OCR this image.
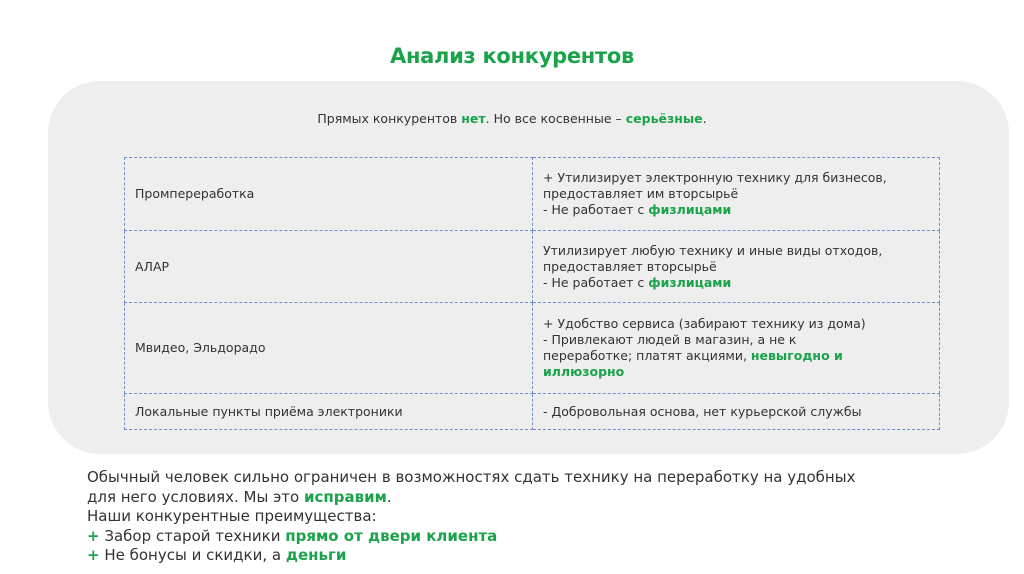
Анализ конкурентов
Прямых конкурентов нет. Но все косвенные – серьёзные.
Промпереработка	+ Утилизирует электронную технику для бизнесов,
предоставляет им вторсырьё
- Не работает с физлицами

АЛАР	Утилизирует любую технику и иные виды отходов,
предоставляет вторсырьё
- Не работает с физлицами

Мвидео, Эльдорадо	+ Удобство сервиса (забирают технику из дома)
- Привлекают людей в магазин, а не к
переработке; платят акциями, невыгодно и
иллюзорно

Локальные пункты приёма электроники	- Добровольная основа, нет курьерской службы
Обычный человек сильно ограничен в возможностях сдать технику на переработку на удобных
для него условиях. Мы это исправим.
Наши конкурентные преимущества:
+ Забор старой техники прямо от двери клиента
+ Не бонусы и скидки, а деньги
